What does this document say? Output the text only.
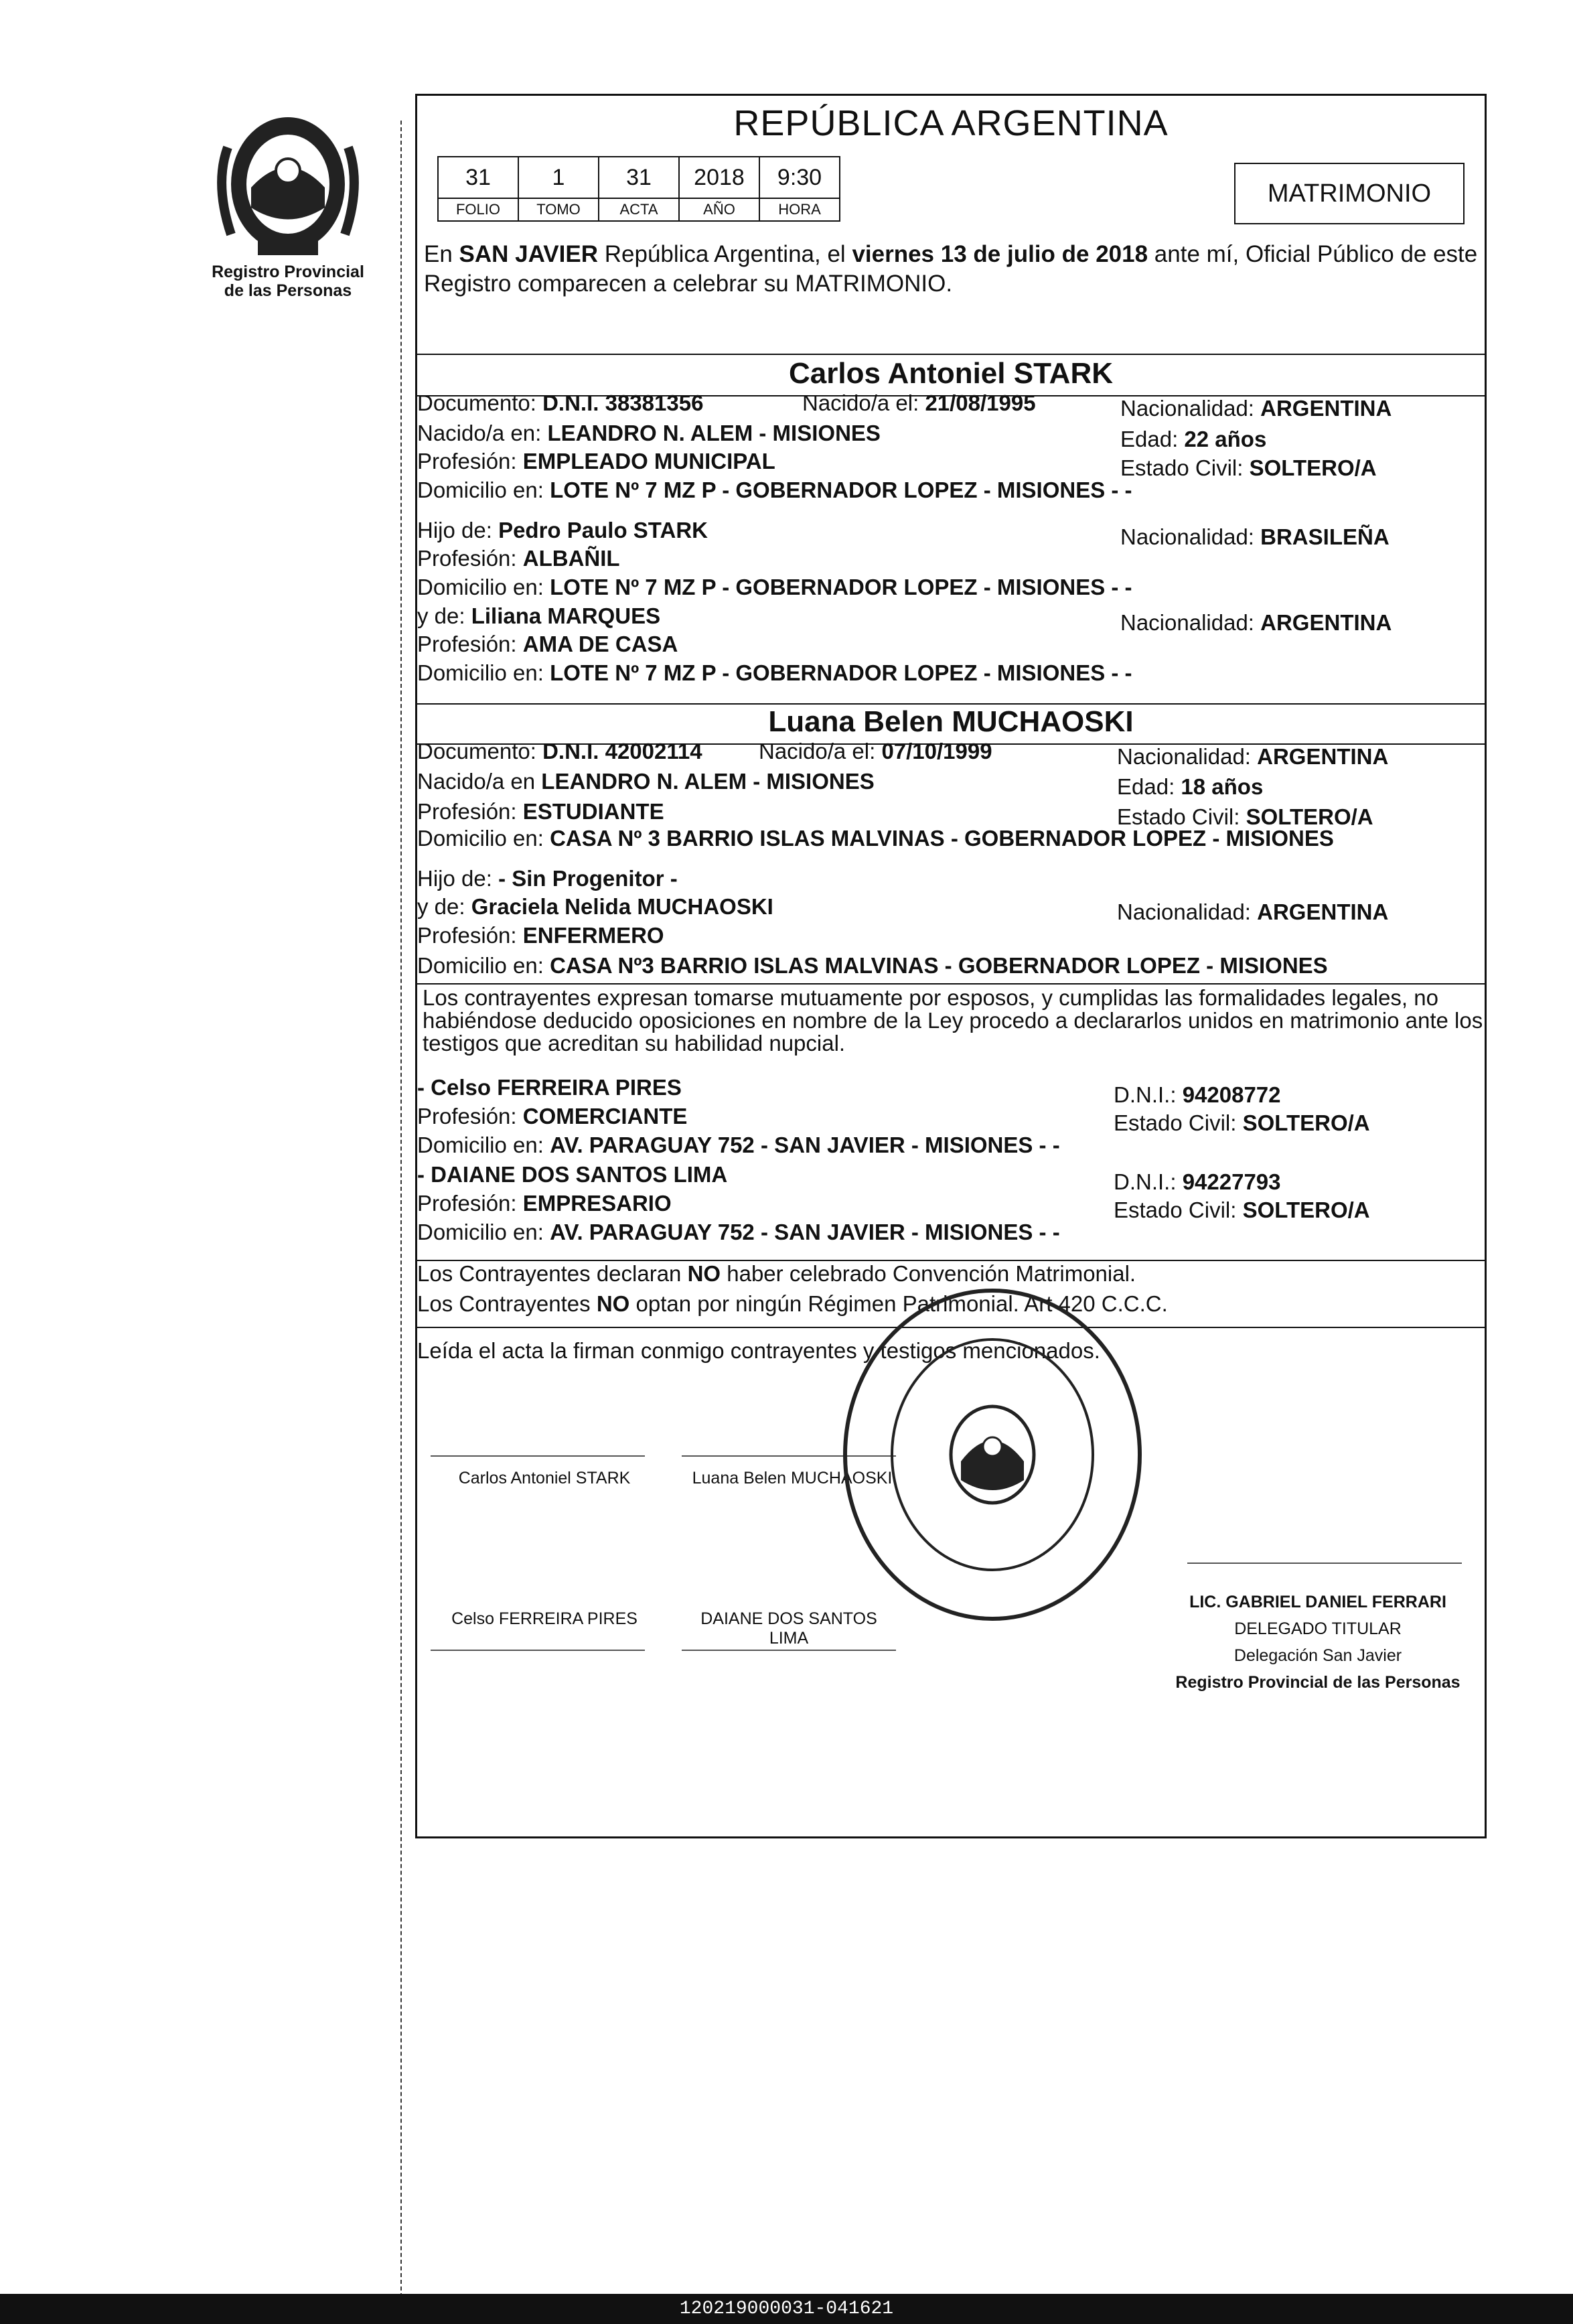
Registro Provincial
de las Personas
REPÚBLICA ARGENTINA
31	1	31	2018	9:30
FOLIO	TOMO	ACTA	AÑO	HORA
MATRIMONIO
En SAN JAVIER República Argentina, el viernes 13 de julio de 2018 ante mí, Oficial Público de este Registro comparecen a celebrar su MATRIMONIO.
Carlos Antoniel STARK
Documento: D.N.I. 38381356	Nacido/a el: 21/08/1995	Nacionalidad: ARGENTINA
Nacido/a en: LEANDRO N. ALEM - MISIONES	Edad: 22 años
Profesión: EMPLEADO MUNICIPAL	Estado Civil: SOLTERO/A
Domicilio en: LOTE Nº 7 MZ P - GOBERNADOR LOPEZ - MISIONES - -
Hijo de: Pedro Paulo STARK	Nacionalidad: BRASILEÑA
Profesión: ALBAÑIL
Domicilio en: LOTE Nº 7 MZ P - GOBERNADOR LOPEZ - MISIONES - -
y de: Liliana MARQUES	Nacionalidad: ARGENTINA
Profesión: AMA DE CASA
Domicilio en: LOTE Nº 7 MZ P - GOBERNADOR LOPEZ - MISIONES - -
Luana Belen MUCHAOSKI
Documento: D.N.I. 42002114	Nacido/a el: 07/10/1999	Nacionalidad: ARGENTINA
Nacido/a en LEANDRO N. ALEM - MISIONES	Edad: 18 años
Profesión: ESTUDIANTE	Estado Civil: SOLTERO/A
Domicilio en: CASA Nº 3 BARRIO ISLAS MALVINAS - GOBERNADOR LOPEZ - MISIONES
Hijo de: - Sin Progenitor -
y de: Graciela Nelida MUCHAOSKI	Nacionalidad: ARGENTINA
Profesión: ENFERMERO
Domicilio en: CASA Nº3 BARRIO ISLAS MALVINAS - GOBERNADOR LOPEZ - MISIONES
Los contrayentes expresan tomarse mutuamente por esposos, y cumplidas las formalidades legales, no habiéndose deducido oposiciones en nombre de la Ley procedo a declararlos unidos en matrimonio ante los testigos que acreditan su habilidad nupcial.
- Celso FERREIRA PIRES	D.N.I.: 94208772
Profesión: COMERCIANTE	Estado Civil: SOLTERO/A
Domicilio en: AV. PARAGUAY 752 - SAN JAVIER - MISIONES - -
- DAIANE DOS SANTOS LIMA	D.N.I.: 94227793
Profesión: EMPRESARIO	Estado Civil: SOLTERO/A
Domicilio en: AV. PARAGUAY 752 - SAN JAVIER - MISIONES - -
Los Contrayentes declaran NO haber celebrado Convención Matrimonial.
Los Contrayentes NO optan por ningún Régimen Patrimonial. Art 420 C.C.C.
Leída el acta la firman conmigo contrayentes y testigos mencionados.
Carlos Antoniel STARK	Luana Belen MUCHAOSKI
Celso FERREIRA PIRES	DAIANE DOS SANTOS
LIMA
LIC. GABRIEL DANIEL FERRARI
DELEGADO TITULAR
Delegación San Javier
Registro Provincial de las Personas
120219000031-041621
